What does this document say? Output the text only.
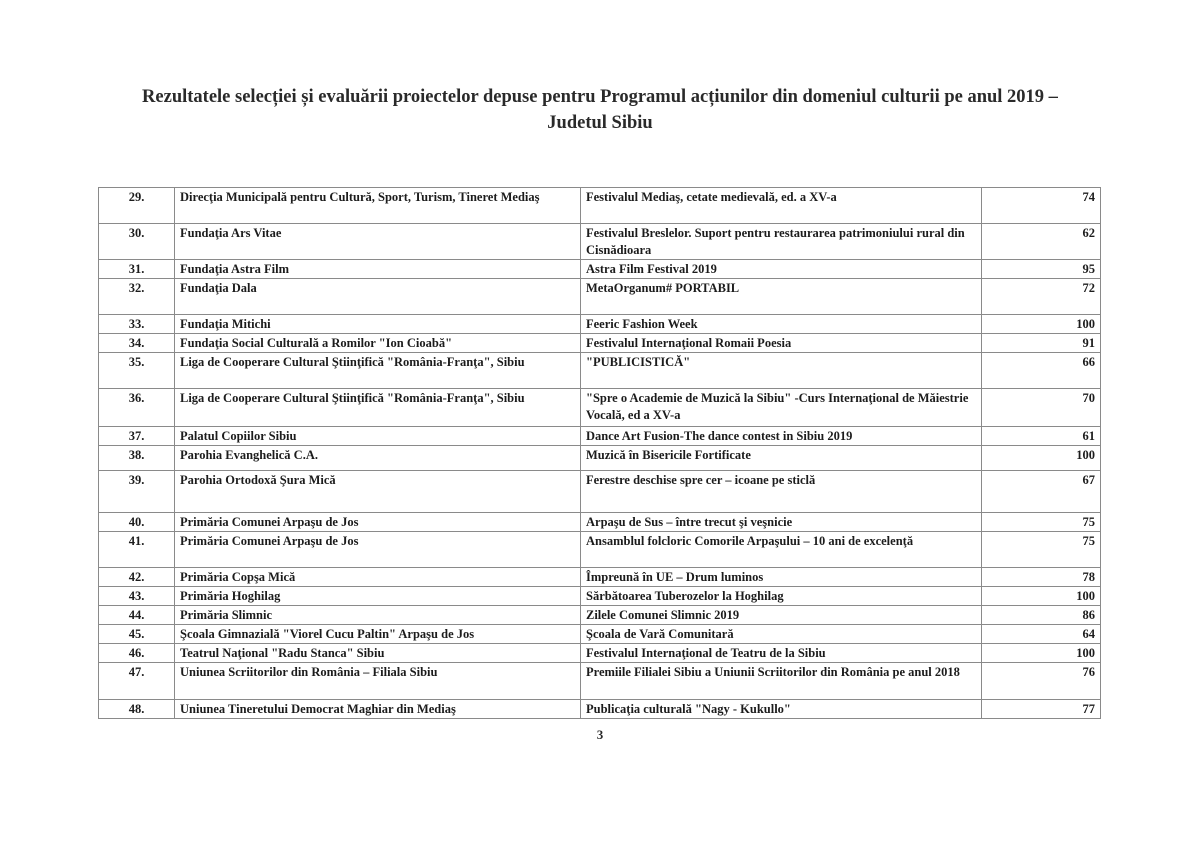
Rezultatele selecției și evaluării proiectelor depuse pentru Programul acțiunilor din domeniul culturii pe anul 2019 –
Judetul Sibiu
29.	Direcţia Municipală pentru Cultură, Sport, Turism, Tineret Mediaş	Festivalul Mediaş, cetate medievală, ed. a XV-a	74
30.	Fundaţia Ars Vitae	Festivalul Breslelor. Suport pentru restaurarea patrimoniului rural din Cisnădioara	62
31.	Fundaţia Astra Film	Astra Film Festival 2019	95
32.	Fundaţia Dala	MetaOrganum# PORTABIL	72
33.	Fundaţia Mitichi	Feeric Fashion Week	100
34.	Fundaţia Social Culturală a Romilor "Ion Cioabă"	Festivalul Internaţional Romaii Poesia	91
35.	Liga de Cooperare Cultural Ştiinţifică "România-Franţa", Sibiu	"PUBLICISTICĂ"	66
36.	Liga de Cooperare Cultural Ştiinţifică "România-Franţa", Sibiu	"Spre o Academie de Muzică la Sibiu" -Curs Internaţional de Măiestrie Vocală, ed a XV-a	70
37.	Palatul Copiilor Sibiu	Dance Art Fusion-The dance contest in Sibiu 2019	61
38.	Parohia Evanghelică C.A.	Muzică în Bisericile Fortificate	100
39.	Parohia Ortodoxă Şura Mică	Ferestre deschise spre cer – icoane pe sticlă	67
40.	Primăria Comunei Arpaşu de Jos	Arpaşu de Sus – între trecut şi veşnicie	75
41.	Primăria Comunei Arpaşu de Jos	Ansamblul folcloric Comorile Arpaşului – 10 ani de excelenţă	75
42.	Primăria Copşa Mică	Împreună în UE – Drum luminos	78
43.	Primăria Hoghilag	Sărbătoarea Tuberozelor la Hoghilag	100
44.	Primăria Slimnic	Zilele Comunei Slimnic 2019	86
45.	Şcoala Gimnazială "Viorel Cucu Paltin" Arpaşu de Jos	Şcoala de Vară Comunitară	64
46.	Teatrul Naţional "Radu Stanca" Sibiu	Festivalul Internaţional de Teatru de la Sibiu	100
47.	Uniunea Scriitorilor din România – Filiala Sibiu	Premiile Filialei Sibiu a Uniunii Scriitorilor din România pe anul 2018	76
48.	Uniunea Tineretului Democrat Maghiar din Mediaş	Publicaţia culturală "Nagy - Kukullo"	77
3
